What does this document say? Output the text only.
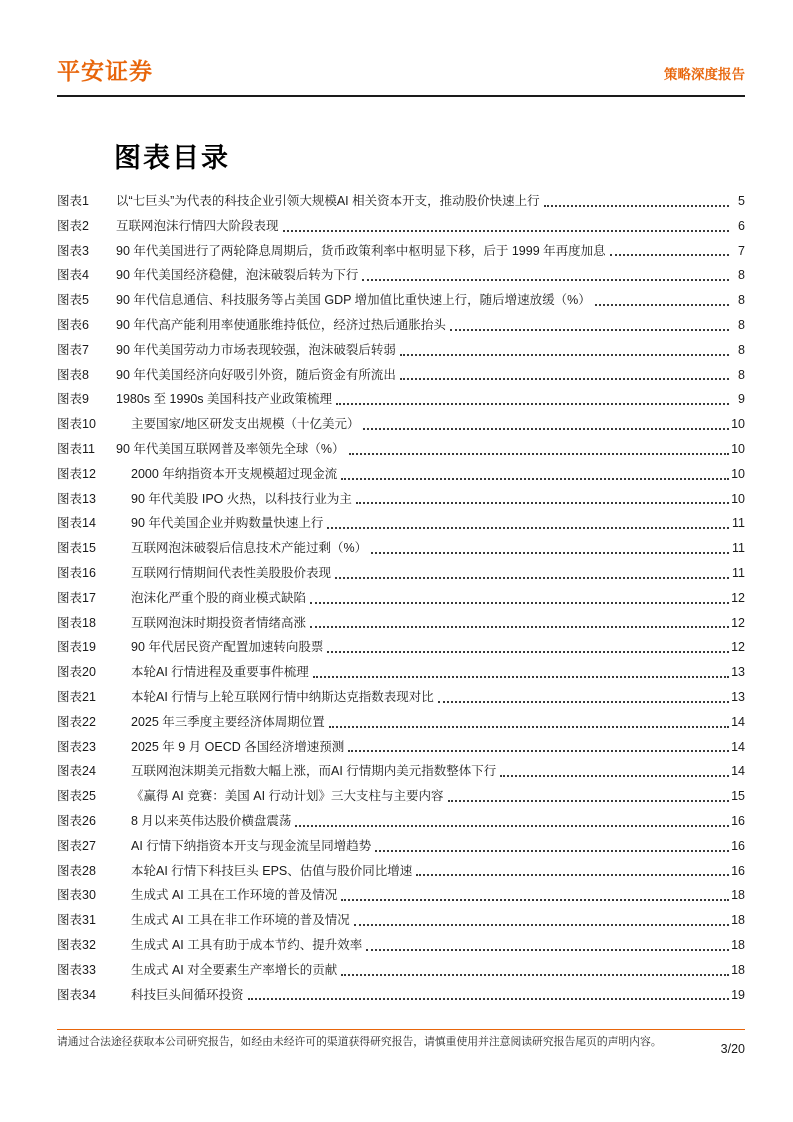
平安证券	策略深度报告
图表目录
图表1	以“七巨头”为代表的科技企业引领大规模AI 相关资本开支，推动股价快速上行	5
图表2	互联网泡沫行情四大阶段表现	6
图表3	90 年代美国进行了两轮降息周期后，货币政策利率中枢明显下移，后于 1999 年再度加息	7
图表4	90 年代美国经济稳健，泡沫破裂后转为下行	8
图表5	90 年代信息通信、科技服务等占美国 GDP 增加值比重快速上行，随后增速放缓（%）	8
图表6	90 年代高产能利用率使通胀维持低位，经济过热后通胀抬头	8
图表7	90 年代美国劳动力市场表现较强，泡沫破裂后转弱	8
图表8	90 年代美国经济向好吸引外资，随后资金有所流出	8
图表9	1980s 至 1990s 美国科技产业政策梳理	9
图表10	主要国家/地区研发支出规模（十亿美元）	10
图表11	90 年代美国互联网普及率领先全球（%）	10
图表12	2000 年纳指资本开支规模超过现金流	10
图表13	90 年代美股 IPO 火热，以科技行业为主	10
图表14	90 年代美国企业并购数量快速上行	11
图表15	互联网泡沫破裂后信息技术产能过剩（%）	11
图表16	互联网行情期间代表性美股股价表现	11
图表17	泡沫化严重个股的商业模式缺陷	12
图表18	互联网泡沫时期投资者情绪高涨	12
图表19	90 年代居民资产配置加速转向股票	12
图表20	本轮AI 行情进程及重要事件梳理	13
图表21	本轮AI 行情与上轮互联网行情中纳斯达克指数表现对比	13
图表22	2025 年三季度主要经济体周期位置	14
图表23	2025 年 9 月 OECD 各国经济增速预测	14
图表24	互联网泡沫期美元指数大幅上涨，而AI 行情期内美元指数整体下行	14
图表25	《赢得 AI 竞赛：美国 AI 行动计划》三大支柱与主要内容	15
图表26	8 月以来英伟达股价横盘震荡	16
图表27	AI 行情下纳指资本开支与现金流呈同增趋势	16
图表28	本轮AI 行情下科技巨头 EPS、估值与股价同比增速	16
图表30	生成式 AI 工具在工作环境的普及情况	18
图表31	生成式 AI 工具在非工作环境的普及情况	18
图表32	生成式 AI 工具有助于成本节约、提升效率	18
图表33	生成式 AI 对全要素生产率增长的贡献	18
图表34	科技巨头间循环投资	19
请通过合法途径获取本公司研究报告，如经由未经许可的渠道获得研究报告，请慎重使用并注意阅读研究报告尾页的声明内容。	3/20
